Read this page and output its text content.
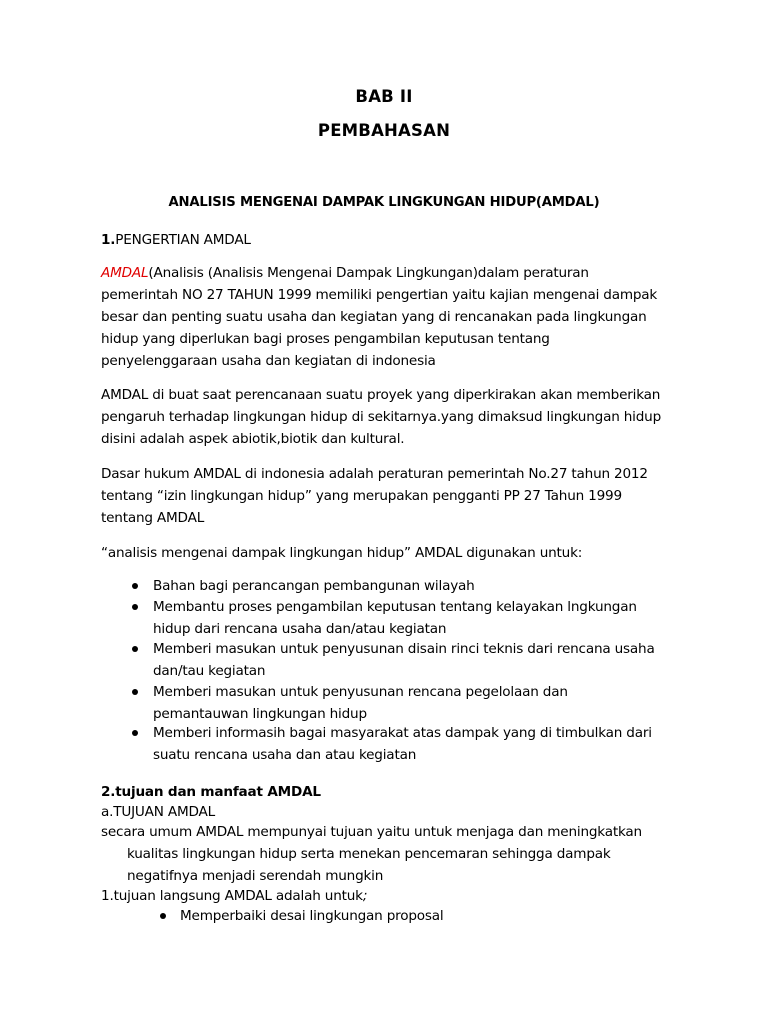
BAB II
PEMBAHASAN
ANALISIS MENGENAI DAMPAK LINGKUNGAN HIDUP(AMDAL)
1.PENGERTIAN AMDAL
AMDAL(Analisis (Analisis Mengenai Dampak Lingkungan)dalam peraturan
pemerintah NO 27 TAHUN 1999 memiliki pengertian yaitu kajian mengenai dampak
besar dan penting suatu usaha dan kegiatan yang di rencanakan pada lingkungan
hidup yang diperlukan bagi proses pengambilan keputusan tentang
penyelenggaraan usaha dan kegiatan di indonesia
AMDAL di buat saat perencanaan suatu proyek yang diperkirakan akan memberikan
pengaruh terhadap lingkungan hidup di sekitarnya.yang dimaksud lingkungan hidup
disini adalah aspek abiotik,biotik dan kultural.
Dasar hukum AMDAL di indonesia adalah peraturan pemerintah No.27 tahun 2012
tentang “izin lingkungan hidup” yang merupakan pengganti PP 27 Tahun 1999
tentang AMDAL
“analisis mengenai dampak lingkungan hidup” AMDAL digunakan untuk:
Bahan bagi perancangan pembangunan wilayah
Membantu proses pengambilan keputusan tentang kelayakan lngkungan
hidup dari rencana usaha dan/atau kegiatan
Memberi masukan untuk penyusunan disain rinci teknis dari rencana usaha
dan/tau kegiatan
Memberi masukan untuk penyusunan rencana pegelolaan dan
pemantauwan lingkungan hidup
Memberi informasih bagai masyarakat atas dampak yang di timbulkan dari
suatu rencana usaha dan atau kegiatan
2.tujuan dan manfaat AMDAL
a.TUJUAN AMDAL
secara umum AMDAL mempunyai tujuan yaitu untuk menjaga dan meningkatkan
kualitas lingkungan hidup serta menekan pencemaran sehingga dampak
negatifnya menjadi serendah mungkin
1.tujuan langsung AMDAL adalah untuk;
Memperbaiki desai lingkungan proposal
